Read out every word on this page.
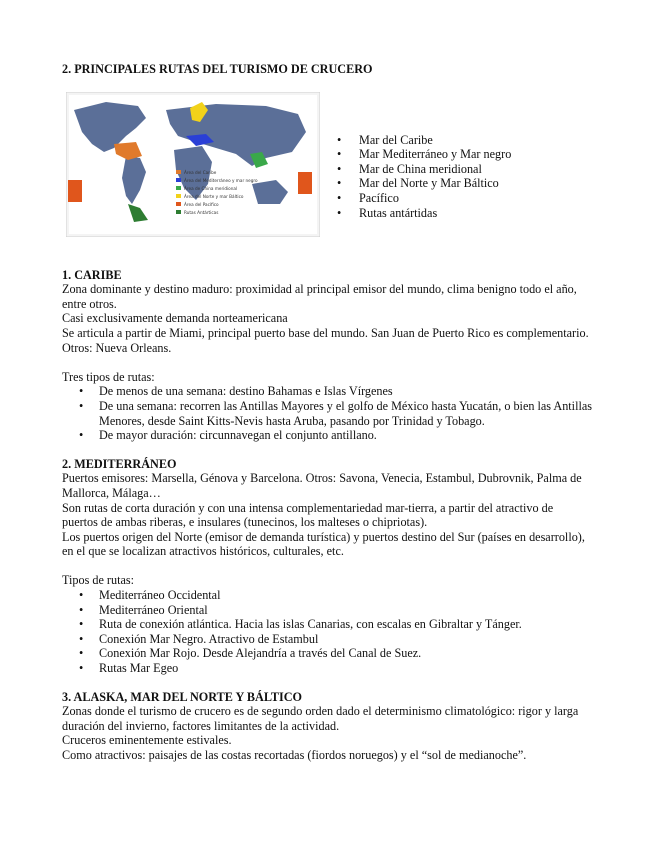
2. PRINCIPALES RUTAS DEL TURISMO DE CRUCERO

Área del Caribe
Área del Mediterráneo y mar negro
Área de China meridional
Área del Norte y mar Báltico
Área del Pacífico
Rutas Antárticas
• Mar del Caribe
• Mar Mediterráneo y Mar negro
• Mar de China meridional
• Mar del Norte y Mar Báltico
• Pacífico
• Rutas antártidas
1. CARIBE

Zona dominante y destino maduro: proximidad al principal emisor del mundo, clima benigno todo el año, entre otros.

Casi exclusivamente demanda norteamericana

Se articula a partir de Miami, principal puerto base del mundo. San Juan de Puerto Rico es complementario. Otros: Nueva Orleans.

Tres tipos de rutas:

• De menos de una semana: destino Bahamas e Islas Vírgenes
• De una semana: recorren las Antillas Mayores y el golfo de México hasta Yucatán, o bien las Antillas Menores, desde Saint Kitts-Nevis hasta Aruba, pasando por Trinidad y Tobago.
• De mayor duración: circunnavegan el conjunto antillano.
2. MEDITERRÁNEO

Puertos emisores: Marsella, Génova y Barcelona. Otros: Savona, Venecia, Estambul, Dubrovnik, Palma de Mallorca, Málaga…

Son rutas de corta duración y con una intensa complementariedad mar-tierra, a partir del atractivo de puertos de ambas riberas, e insulares (tunecinos, los malteses o chipriotas).

Los puertos origen del Norte (emisor de demanda turística) y puertos destino del Sur (países en desarrollo), en el que se localizan atractivos históricos, culturales, etc.

Tipos de rutas:

• Mediterráneo Occidental
• Mediterráneo Oriental
• Ruta de conexión atlántica. Hacia las islas Canarias, con escalas en Gibraltar y Tánger.
• Conexión Mar Negro. Atractivo de Estambul
• Conexión Mar Rojo. Desde Alejandría a través del Canal de Suez.
• Rutas Mar Egeo
3. ALASKA, MAR DEL NORTE Y BÁLTICO

Zonas donde el turismo de crucero es de segundo orden dado el determinismo climatológico: rigor y larga duración del invierno, factores limitantes de la actividad.

Cruceros eminentemente estivales.

Como atractivos: paisajes de las costas recortadas (fiordos noruegos) y el “sol de medianoche”.
